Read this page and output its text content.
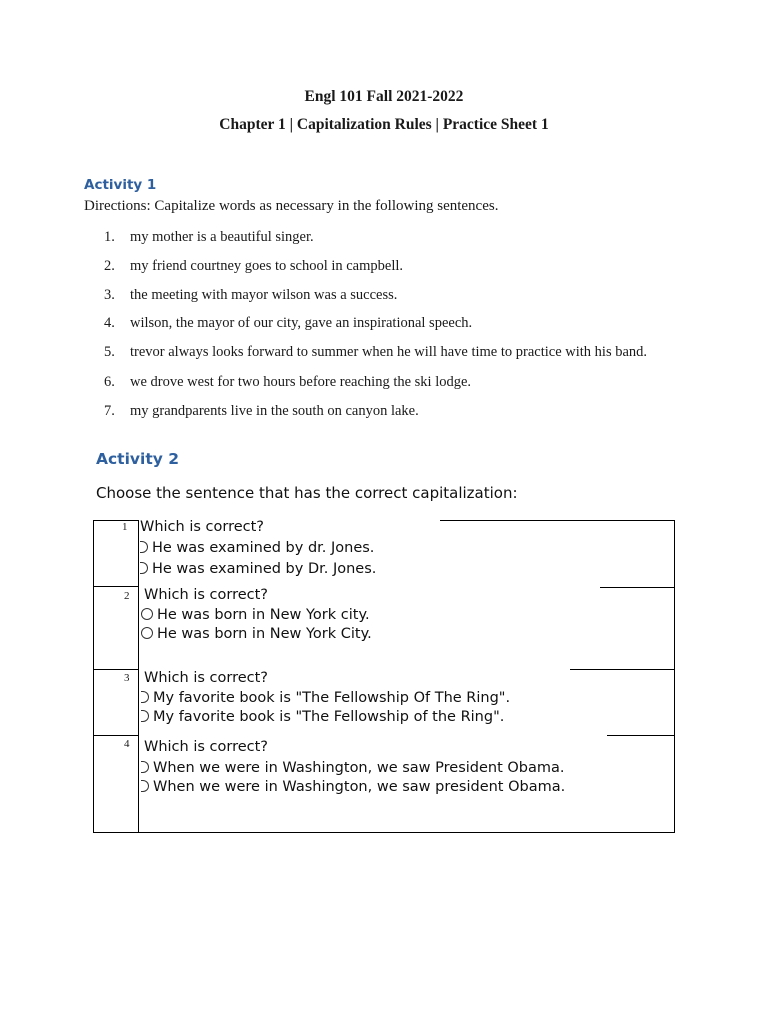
Engl 101 Fall 2021-2022
Chapter 1 | Capitalization Rules | Practice Sheet 1
Activity 1
Directions: Capitalize words as necessary in the following sentences.
1. my mother is a beautiful singer.
2. my friend courtney goes to school in campbell.
3. the meeting with mayor wilson was a success.
4. wilson, the mayor of our city, gave an inspirational speech.
5. trevor always looks forward to summer when he will have time to practice with his band.
6. we drove west for two hours before reaching the ski lodge.
7. my grandparents live in the south on canyon lake.
Activity 2
Choose the sentence that has the correct capitalization:
1 Which is correct?
He was examined by dr. Jones.
He was examined by Dr. Jones.
2 Which is correct?
He was born in New York city.
He was born in New York City.
3 Which is correct?
My favorite book is "The Fellowship Of The Ring".
My favorite book is "The Fellowship of the Ring".
4 Which is correct?
When we were in Washington, we saw President Obama.
When we were in Washington, we saw president Obama.
